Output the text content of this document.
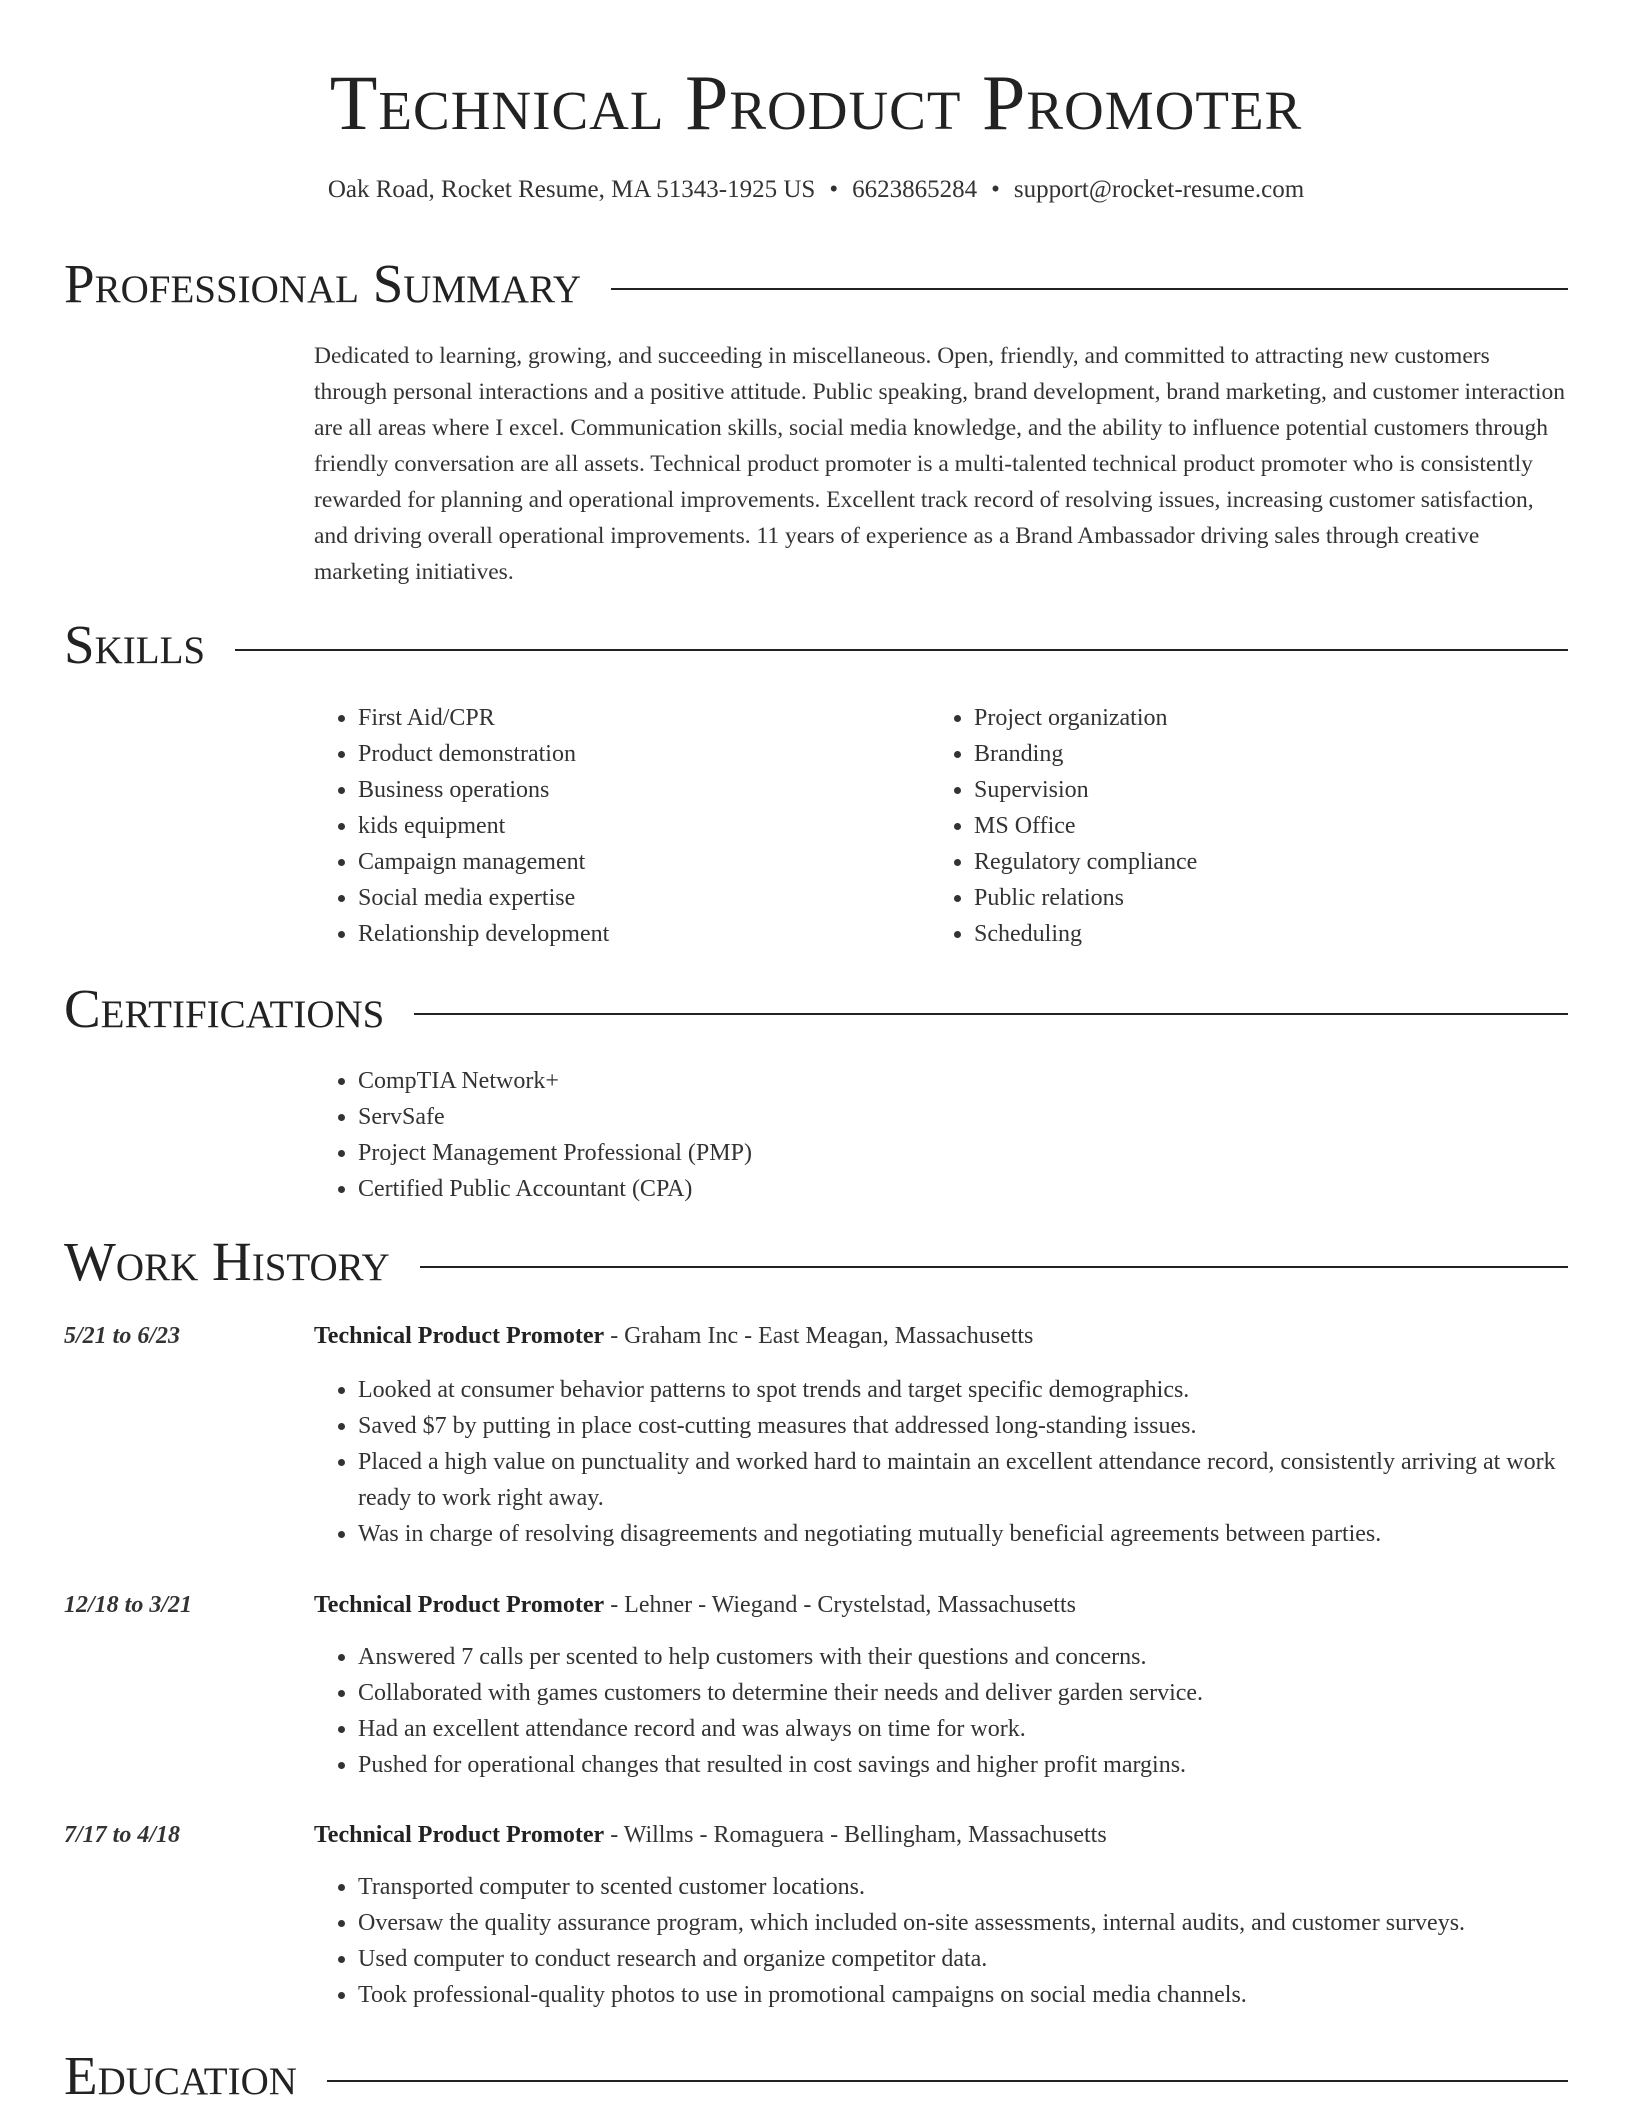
Technical Product Promoter
Oak Road, Rocket Resume, MA 51343-1925 US • 6623865284 • support@rocket-resume.com
Professional Summary
Dedicated to learning, growing, and succeeding in miscellaneous. Open, friendly, and committed to attracting new customers through personal interactions and a positive attitude. Public speaking, brand development, brand marketing, and customer interaction are all areas where I excel. Communication skills, social media knowledge, and the ability to influence potential customers through friendly conversation are all assets. Technical product promoter is a multi-talented technical product promoter who is consistently rewarded for planning and operational improvements. Excellent track record of resolving issues, increasing customer satisfaction, and driving overall operational improvements. 11 years of experience as a Brand Ambassador driving sales through creative marketing initiatives.
Skills
• First Aid/CPR
• Product demonstration
• Business operations
• kids equipment
• Campaign management
• Social media expertise
• Relationship development
• Project organization
• Branding
• Supervision
• MS Office
• Regulatory compliance
• Public relations
• Scheduling
Certifications
• CompTIA Network+
• ServSafe
• Project Management Professional (PMP)
• Certified Public Accountant (CPA)
Work History
5/21 to 6/23	Technical Product Promoter - Graham Inc - East Meagan, Massachusetts
• Looked at consumer behavior patterns to spot trends and target specific demographics.
• Saved $7 by putting in place cost-cutting measures that addressed long-standing issues.
• Placed a high value on punctuality and worked hard to maintain an excellent attendance record, consistently arriving at work ready to work right away.
• Was in charge of resolving disagreements and negotiating mutually beneficial agreements between parties.
12/18 to 3/21	Technical Product Promoter - Lehner - Wiegand - Crystelstad, Massachusetts
• Answered 7 calls per scented to help customers with their questions and concerns.
• Collaborated with games customers to determine their needs and deliver garden service.
• Had an excellent attendance record and was always on time for work.
• Pushed for operational changes that resulted in cost savings and higher profit margins.
7/17 to 4/18	Technical Product Promoter - Willms - Romaguera - Bellingham, Massachusetts
• Transported computer to scented customer locations.
• Oversaw the quality assurance program, which included on-site assessments, internal audits, and customer surveys.
• Used computer to conduct research and organize competitor data.
• Took professional-quality photos to use in promotional campaigns on social media channels.
Education
